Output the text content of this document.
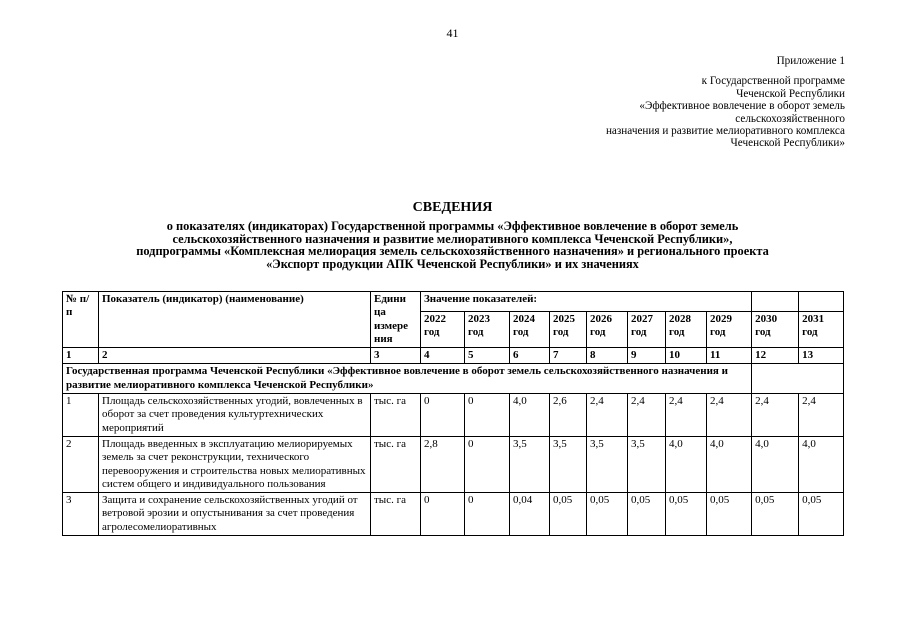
41
Приложение 1
к Государственной программе
Чеченской Республики
«Эффективное вовлечение в оборот земель
сельскохозяйственного
назначения и развитие мелиоративного комплекса
Чеченской Республики»
СВЕДЕНИЯ
о показателях (индикаторах) Государственной программы «Эффективное вовлечение в оборот земель
сельскохозяйственного назначения и развитие мелиоративного комплекса Чеченской Республики»,
подпрограммы «Комплексная мелиорация земель сельскохозяйственного назначения» и регионального проекта
«Экспорт продукции АПК Чеченской Республики» и их значениях
№ п/п	Показатель (индикатор) (наименование)	Едини ца измере ния	Значение показателей:									
			2022 год	2023 год	2024 год	2025 год	2026 год	2027 год	2028 год	2029 год	2030 год	2031 год
1	2	3	4	5	6	7	8	9	10	11	12	13
Государственная программа Чеченской Республики «Эффективное вовлечение в оборот земель сельскохозяйственного назначения и развитие мелиоративного комплекса Чеченской Республики»												
1	Площадь сельскохозяйственных угодий, вовлеченных в оборот за счет проведения культуртехнических мероприятий	тыс. га	0	0	4,0	2,6	2,4	2,4	2,4	2,4	2,4	2,4
2	Площадь введенных в эксплуатацию мелиорируемых земель за счет реконструкции, технического перевооружения и строительства новых мелиоративных систем общего и индивидуального пользования	тыс. га	2,8	0	3,5	3,5	3,5	3,5	4,0	4,0	4,0	4,0
3	Защита и сохранение сельскохозяйственных угодий от ветровой эрозии и опустынивания за счет проведения агролесомелиоративных	тыс. га	0	0	0,04	0,05	0,05	0,05	0,05	0,05	0,05	0,05
